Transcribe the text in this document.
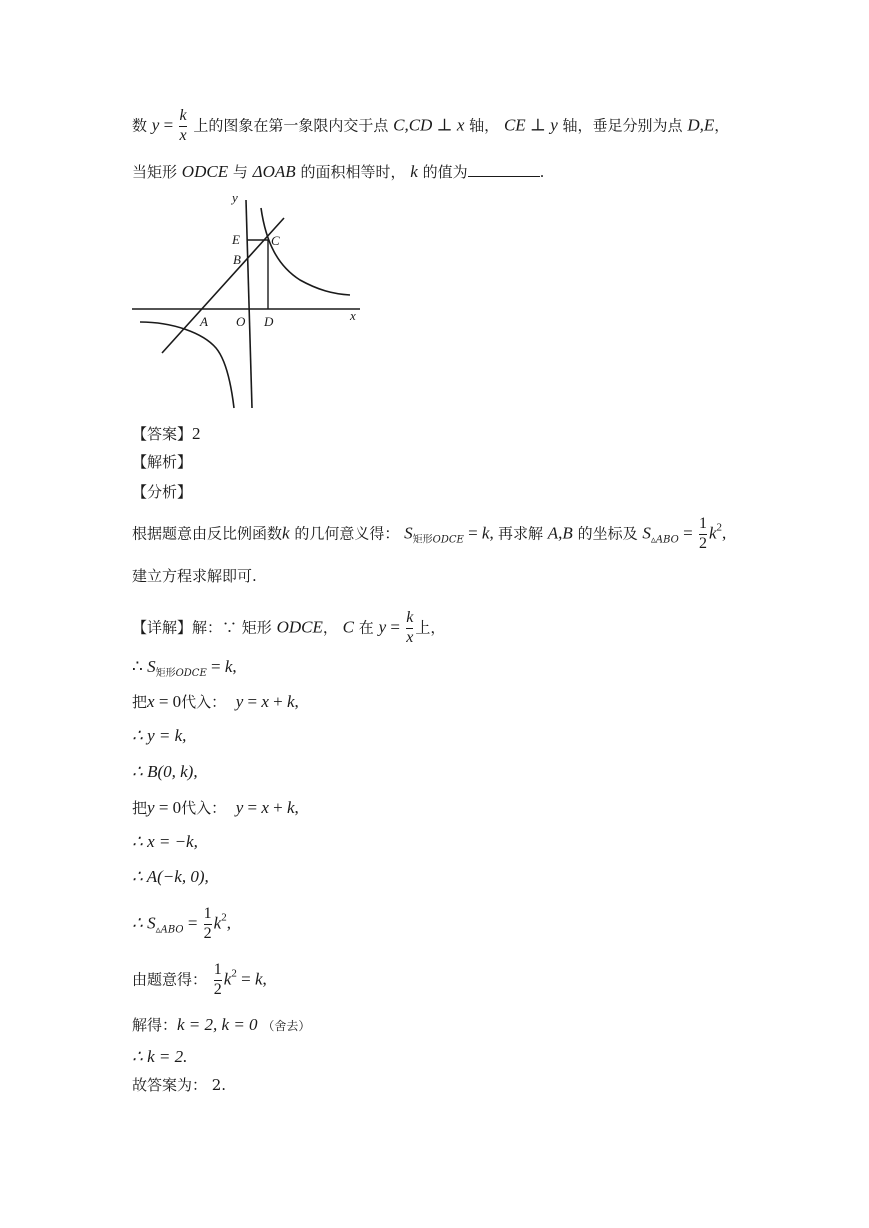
数 $y = \frac{k}{x}$ 上的图象在第一象限内交于点 C,CD ⊥ x 轴， CE ⊥ y 轴，垂足分别为点 D,E，
当矩形 ODCE 与 ΔOAB 的面积相等时， k 的值为	.
y
E C
B
A O D	x
【答案】2
【解析】
【分析】
根据题意由反比例函数k 的几何意义得： $S_{矩形ODCE} = k$, 再求解 A,B 的坐标及 $S_{▵ABO} = \frac{1}{2} k^2$,
建立方程求解即可.
【详解】解：∵ 矩形 ODCE， C 在 $y = \frac{k}{x}$ 上，
∴ $S_{矩形ODCE} = k$,
把x = 0代入： y = x + k,
∴ y = k,
∴ B(0, k),
把y = 0代入： y = x + k,
∴ x = −k,
∴ A(−k, 0),
∴ $S_{▵ABO} = \frac{1}{2} k^2$,
由题意得： $\frac{1}{2} k^2 = k$,
解得：k = 2, k = 0 （舍去）
∴ k = 2.
故答案为： 2.
